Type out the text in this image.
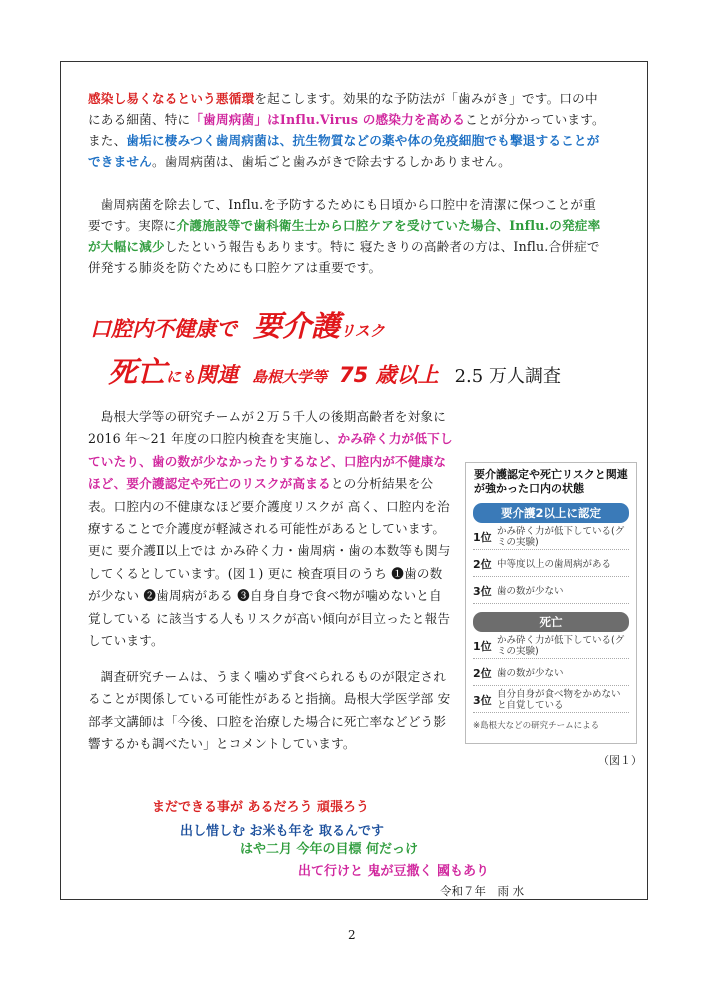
感染し易くなるという悪循環を起こします。効果的な予防法が「歯みがき」です。口の中にある細菌、特に「歯周病菌」はInflu.Virus の感染力を高めることが分かっています。また、歯垢に棲みつく歯周病菌は、抗生物質などの薬や体の免疫細胞でも撃退することができません。歯周病菌は、歯垢ごと歯みがきで除去するしかありません。

歯周病菌を除去して、Influ.を予防するためにも日頃から口腔中を清潔に保つことが重要です。実際に介護施設等で歯科衛生士から口腔ケアを受けていた場合、Influ.の発症率が大幅に減少したという報告もあります。特に 寝たきりの高齢者の方は、Influ.合併症で併発する肺炎を防ぐためにも口腔ケアは重要です。

口腔内不健康で 要介護リスク
死亡にも関連 島根大学等 75 歳以上 2.5 万人調査

島根大学等の研究チームが２万５千人の後期高齢者を対象に 2016 年〜21 年度の口腔内検査を実施し、かみ砕く力が低下していたり、歯の数が少なかったりするなど、口腔内が不健康なほど、要介護認定や死亡のリスクが高まるとの分析結果を公表。口腔内の不健康なほど要介護度リスクが 高く、口腔内を治療することで介護度が軽減される可能性があるとしています。更に 要介護Ⅱ以上では かみ砕く力・歯周病・歯の本数等も関与してくるとしています。(図１) 更に 検査項目のうち ❶歯の数が少ない ❷歯周病がある ❸自身自身で食べ物が噛めないと自覚している に該当する人もリスクが高い傾向が目立ったと報告しています。

調査研究チームは、うまく噛めず食べられるものが限定されることが関係している可能性があると指摘。島根大学医学部 安部孝文講師は「今後、口腔を治療した場合に死亡率などどう影響するかも調べたい」とコメントしています。

要介護認定や死亡リスクと関連が強かった口内の状態
要介護2以上に認定
1位 かみ砕く力が低下している(グミの実験)
2位 中等度以上の歯周病がある
3位 歯の数が少ない
死亡
1位 かみ砕く力が低下している(グミの実験)
2位 歯の数が少ない
3位 自分自身が食べ物をかめないと自覚している
※島根大などの研究チームによる
（図１）

まだできる事が あるだろう 頑張ろう

出し惜しむ お米も年を 取るんです

はや二月 今年の目標 何だっけ

出て行けと 鬼が豆撒く 國もあり

令和７年　雨 水
2
